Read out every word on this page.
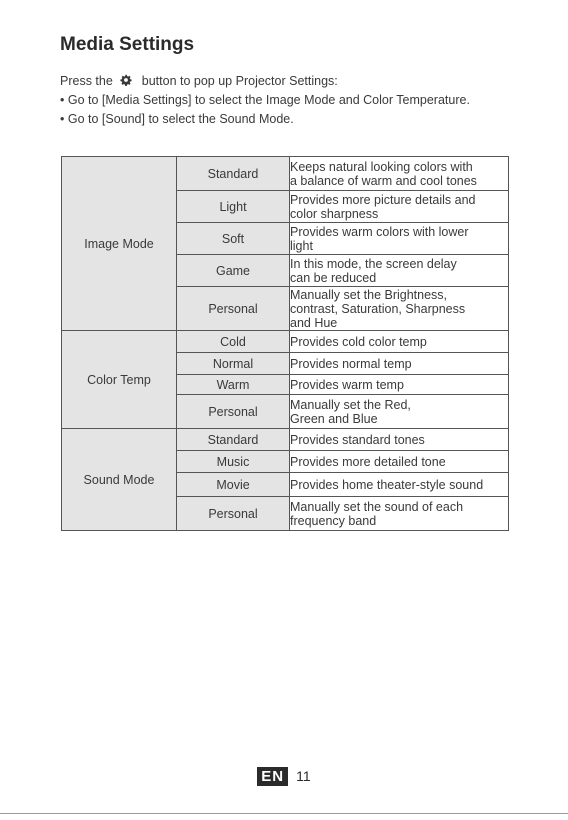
Media Settings
Press the button to pop up Projector Settings:
• Go to [Media Settings] to select the Image Mode and Color Temperature.
• Go to [Sound] to select the Sound Mode.
Image Mode	Standard	Keeps natural looking colors with
a balance of warm and cool tones

	Light	Provides more picture details and
color sharpness

	Soft	Provides warm colors with lower
light

	Game	In this mode, the screen delay
can be reduced

	Personal	Manually set the Brightness,
contrast, Saturation, Sharpness
and Hue

Color Temp	Cold	Provides cold color temp

	Normal	Provides normal temp

	Warm	Provides warm temp

	Personal	Manually set the Red,
Green and Blue

Sound Mode	Standard	Provides standard tones

	Music	Provides more detailed tone

	Movie	Provides home theater-style sound

	Personal	Manually set the sound of each
frequency band
EN 11
